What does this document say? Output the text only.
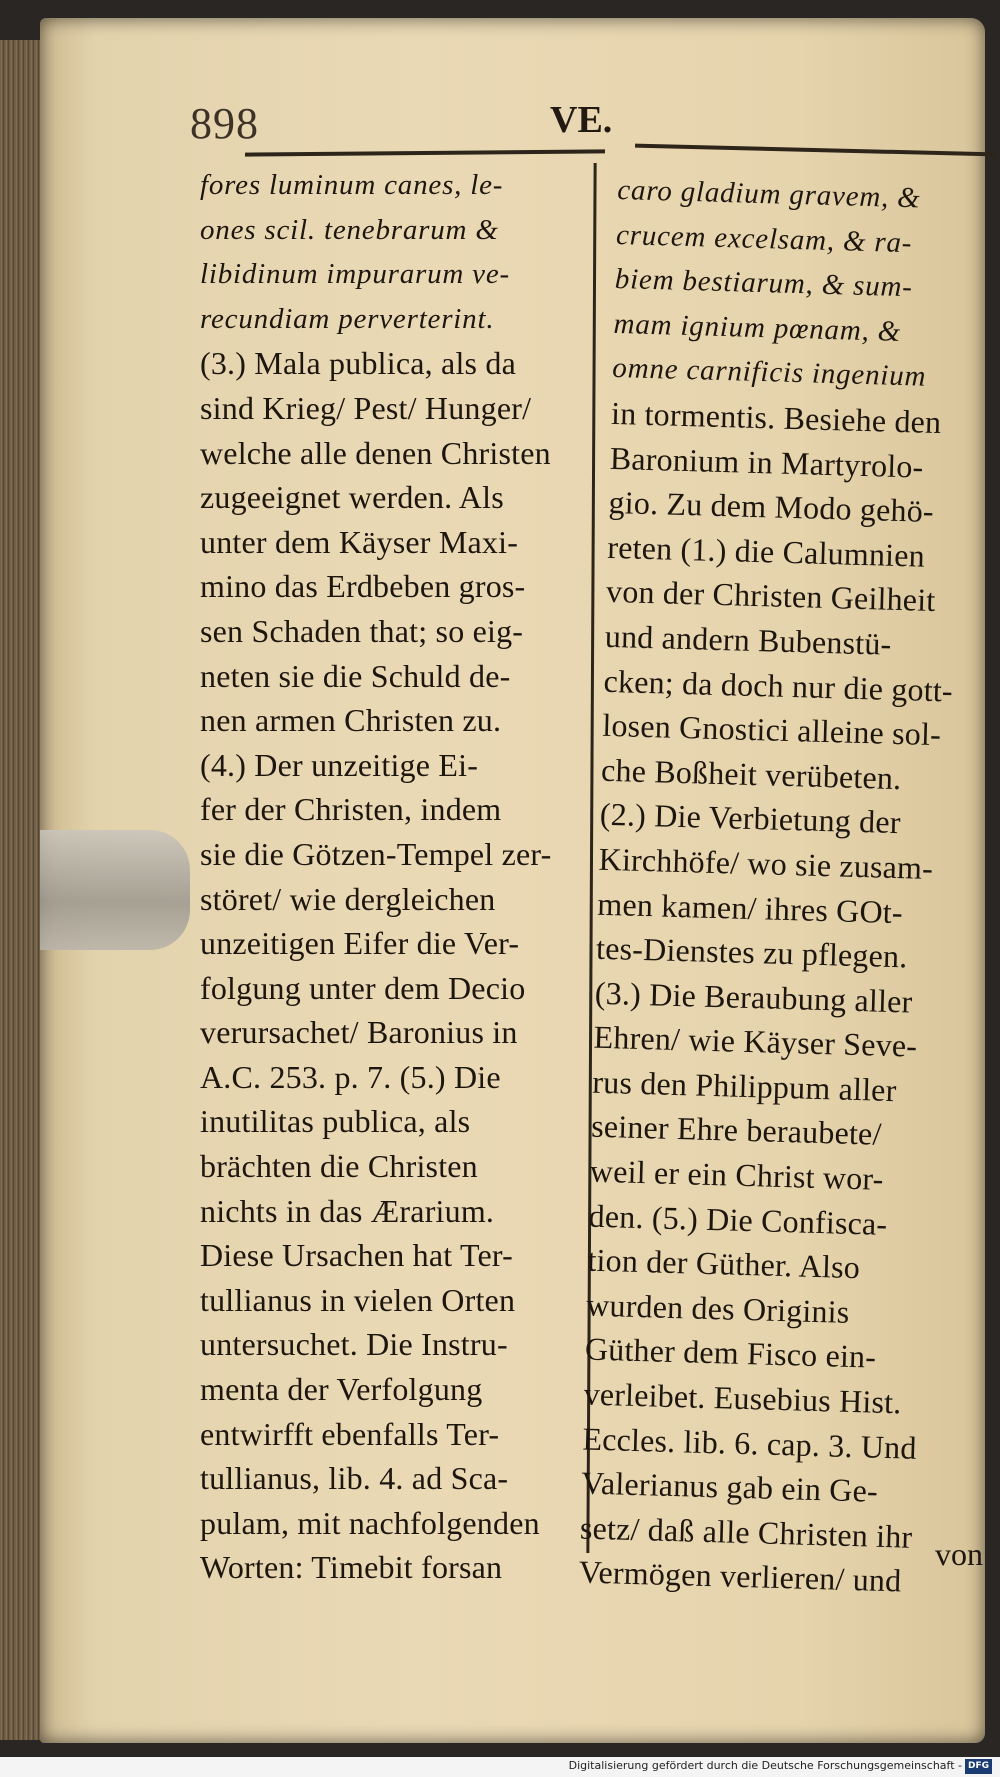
898	VE.
fores luminum canes, le-
ones scil. tenebrarum &
libidinum impurarum ve-
recundiam perverterint.
(3.) Mala publica, als da
sind Krieg/ Pest/ Hunger/
welche alle denen Christen
zugeeignet werden. Als
unter dem Käyser Maxi-
mino das Erdbeben gros-
sen Schaden that; so eig-
neten sie die Schuld de-
nen armen Christen zu.
(4.) Der unzeitige Ei-
fer der Christen, indem
sie die Götzen-Tempel zer-
störet/ wie dergleichen
unzeitigen Eifer die Ver-
folgung unter dem Decio
verursachet/ Baronius in
A.C. 253. p. 7. (5.) Die
inutilitas publica, als
brächten die Christen
nichts in das Ærarium.
Diese Ursachen hat Ter-
tullianus in vielen Orten
untersuchet. Die Instru-
menta der Verfolgung
entwirfft ebenfalls Ter-
tullianus, lib. 4. ad Sca-
pulam, mit nachfolgenden
Worten: Timebit forsan
caro gladium gravem, &
crucem excelsam, & ra-
biem bestiarum, & sum-
mam ignium pœnam, &
omne carnificis ingenium
in tormentis. Besiehe den
Baronium in Martyrolo-
gio. Zu dem Modo gehö-
reten (1.) die Calumnien
von der Christen Geilheit
und andern Bubenstü-
cken; da doch nur die gott-
losen Gnostici alleine sol-
che Boßheit verübeten.
(2.) Die Verbietung der
Kirchhöfe/ wo sie zusam-
men kamen/ ihres GOt-
tes-Dienstes zu pflegen.
(3.) Die Beraubung aller
Ehren/ wie Käyser Seve-
rus den Philippum aller
seiner Ehre beraubete/
weil er ein Christ wor-
den. (5.) Die Confisca-
tion der Güther. Also
wurden des Originis
Güther dem Fisco ein-
verleibet. Eusebius Hist.
Eccles. lib. 6. cap. 3. Und
Valerianus gab ein Ge-
setz/ daß alle Christen ihr
Vermögen verlieren/ und	von
Digitalisierung gefördert durch die Deutsche Forschungsgemeinschaft - DFG
